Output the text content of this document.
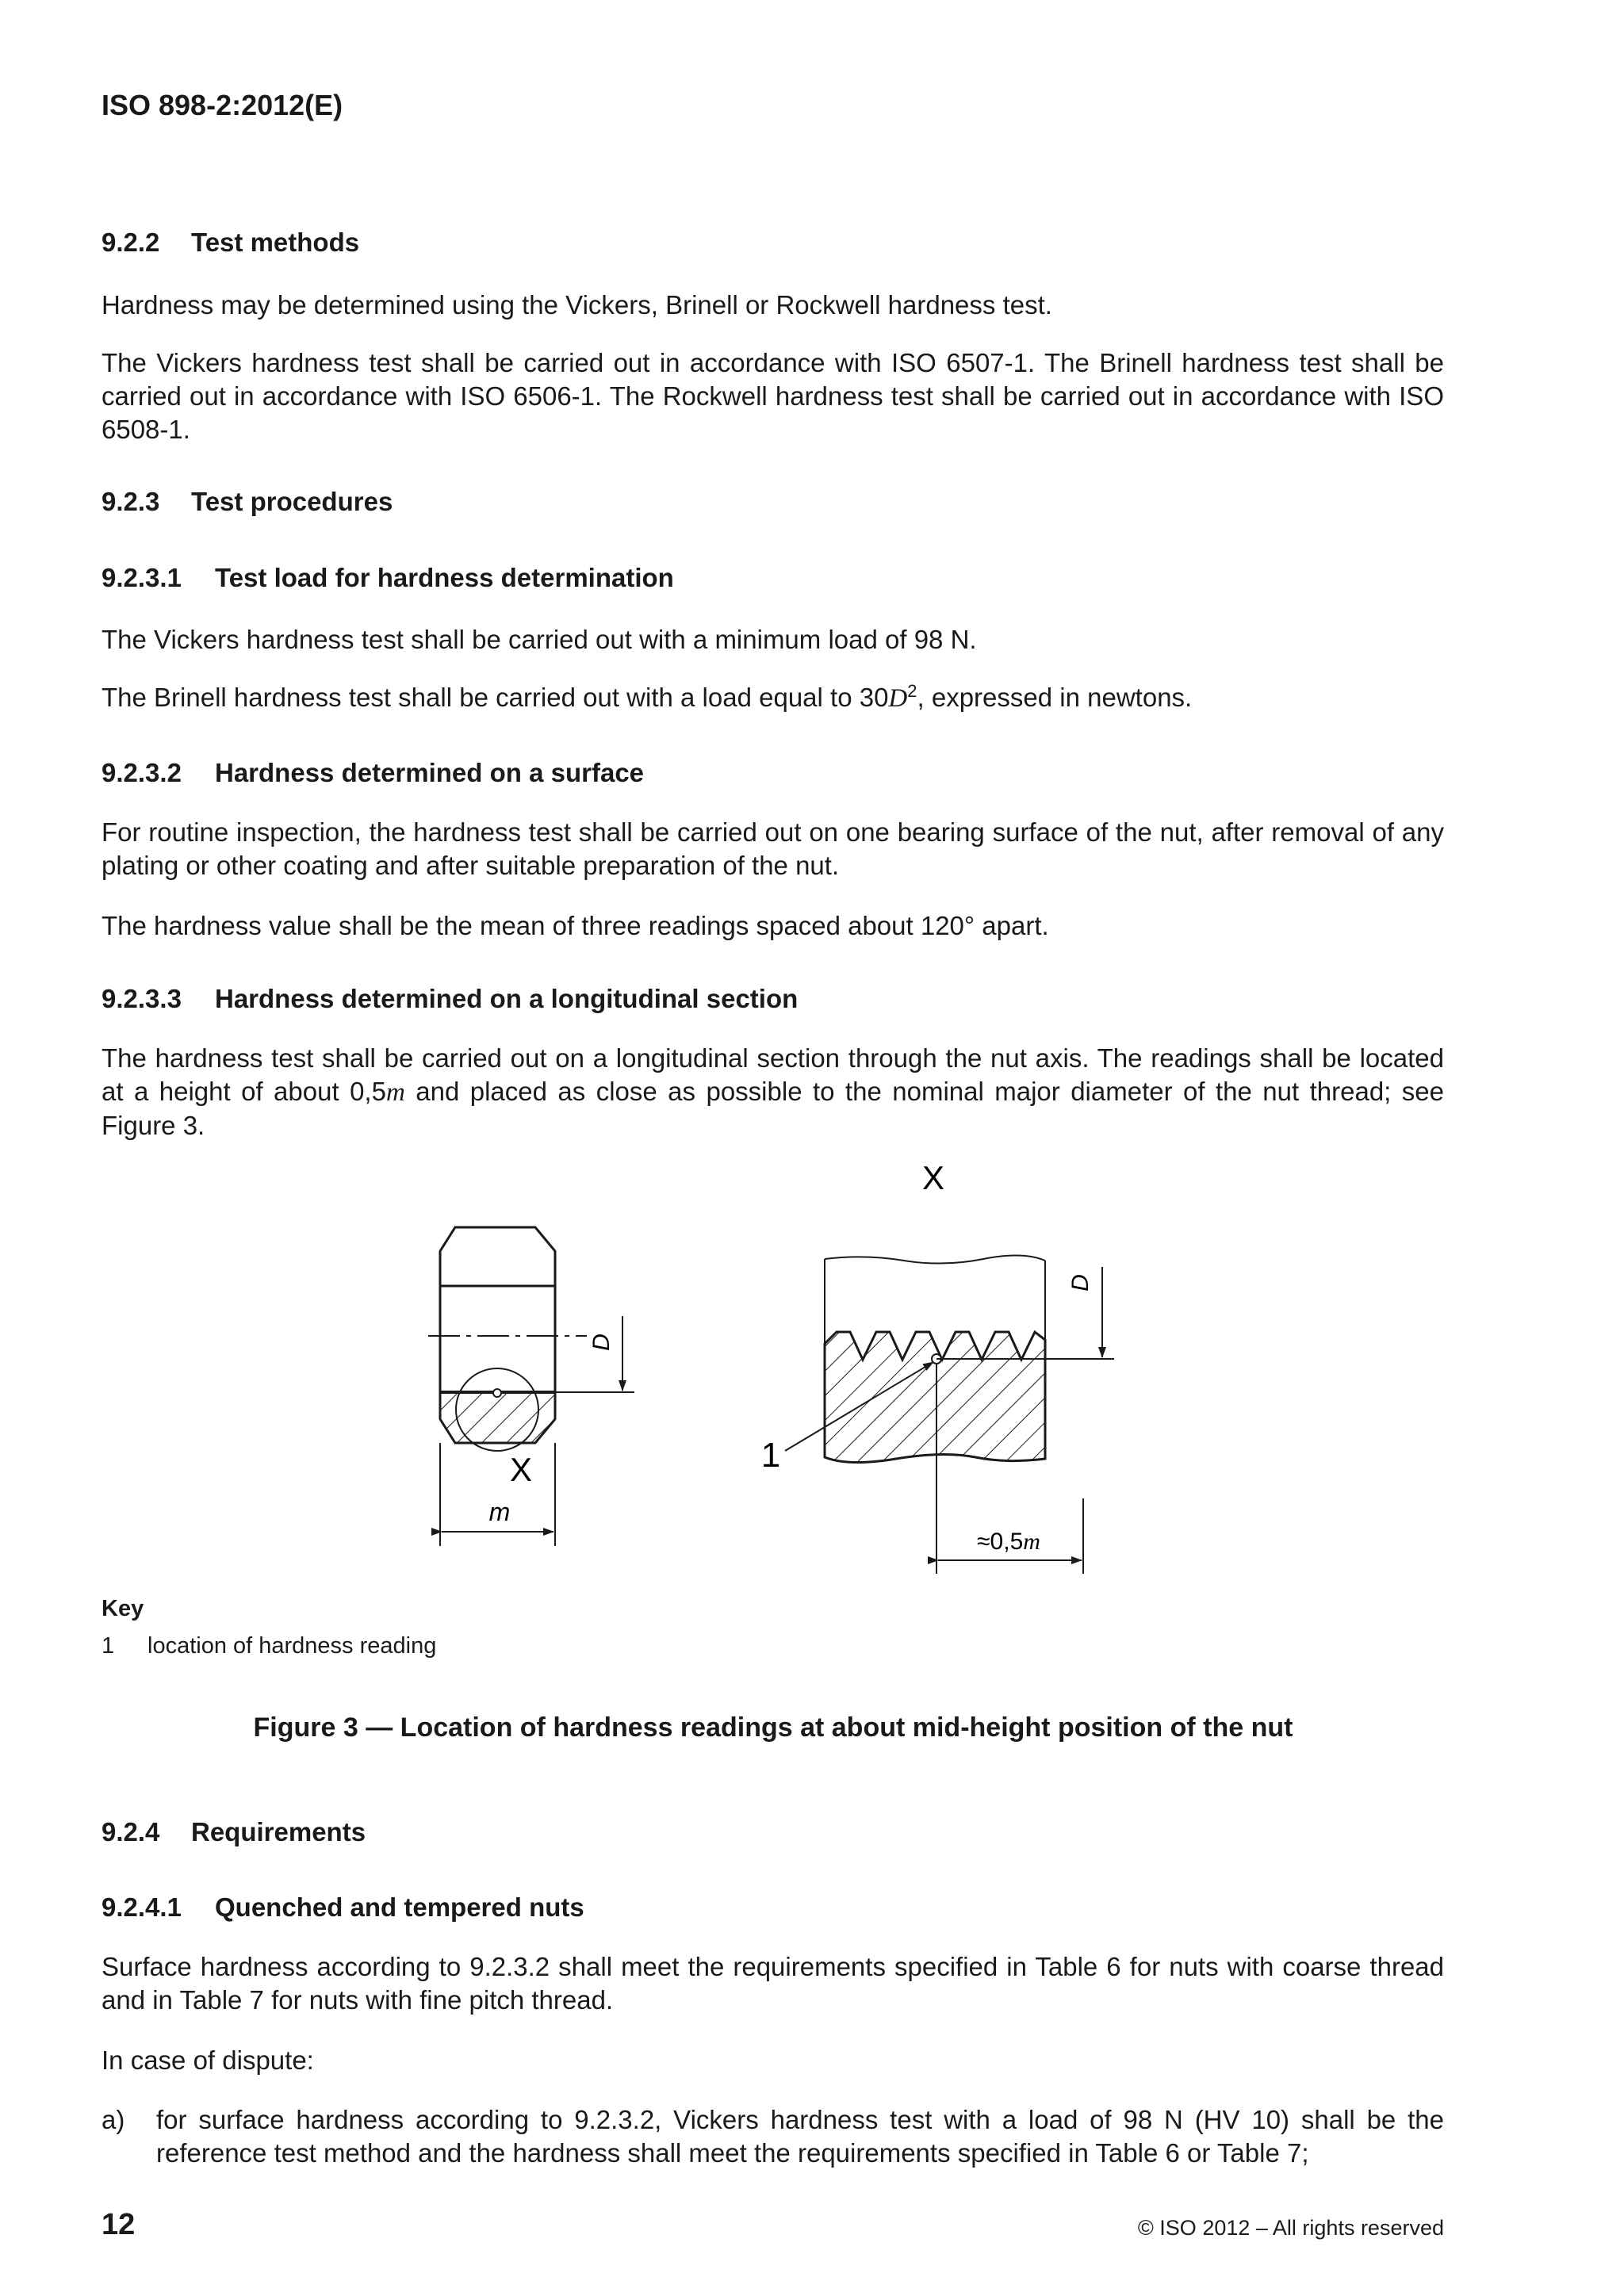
ISO 898-2:2012(E)
9.2.2 Test methods
Hardness may be determined using the Vickers, Brinell or Rockwell hardness test.
The Vickers hardness test shall be carried out in accordance with ISO 6507-1. The Brinell hardness test shall be carried out in accordance with ISO 6506-1. The Rockwell hardness test shall be carried out in accordance with ISO 6508-1.
9.2.3 Test procedures
9.2.3.1 Test load for hardness determination
The Vickers hardness test shall be carried out with a minimum load of 98 N.
The Brinell hardness test shall be carried out with a load equal to $30D^2$, expressed in newtons.
9.2.3.2 Hardness determined on a surface
For routine inspection, the hardness test shall be carried out on one bearing surface of the nut, after removal of any plating or other coating and after suitable preparation of the nut.
The hardness value shall be the mean of three readings spaced about 120° apart.
9.2.3.3 Hardness determined on a longitudinal section
The hardness test shall be carried out on a longitudinal section through the nut axis. The readings shall be located at a height of about 0,5m and placed as close as possible to the nominal major diameter of the nut thread; see Figure 3.
D
X
m
X
D
1
≈0,5m
Key
1 location of hardness reading
Figure 3 — Location of hardness readings at about mid-height position of the nut
9.2.4 Requirements
9.2.4.1 Quenched and tempered nuts
Surface hardness according to 9.2.3.2 shall meet the requirements specified in Table 6 for nuts with coarse thread and in Table 7 for nuts with fine pitch thread.
In case of dispute:
a) for surface hardness according to 9.2.3.2, Vickers hardness test with a load of 98 N (HV 10) shall be the reference test method and the hardness shall meet the requirements specified in Table 6 or Table 7;
12	© ISO 2012 – All rights reserved
